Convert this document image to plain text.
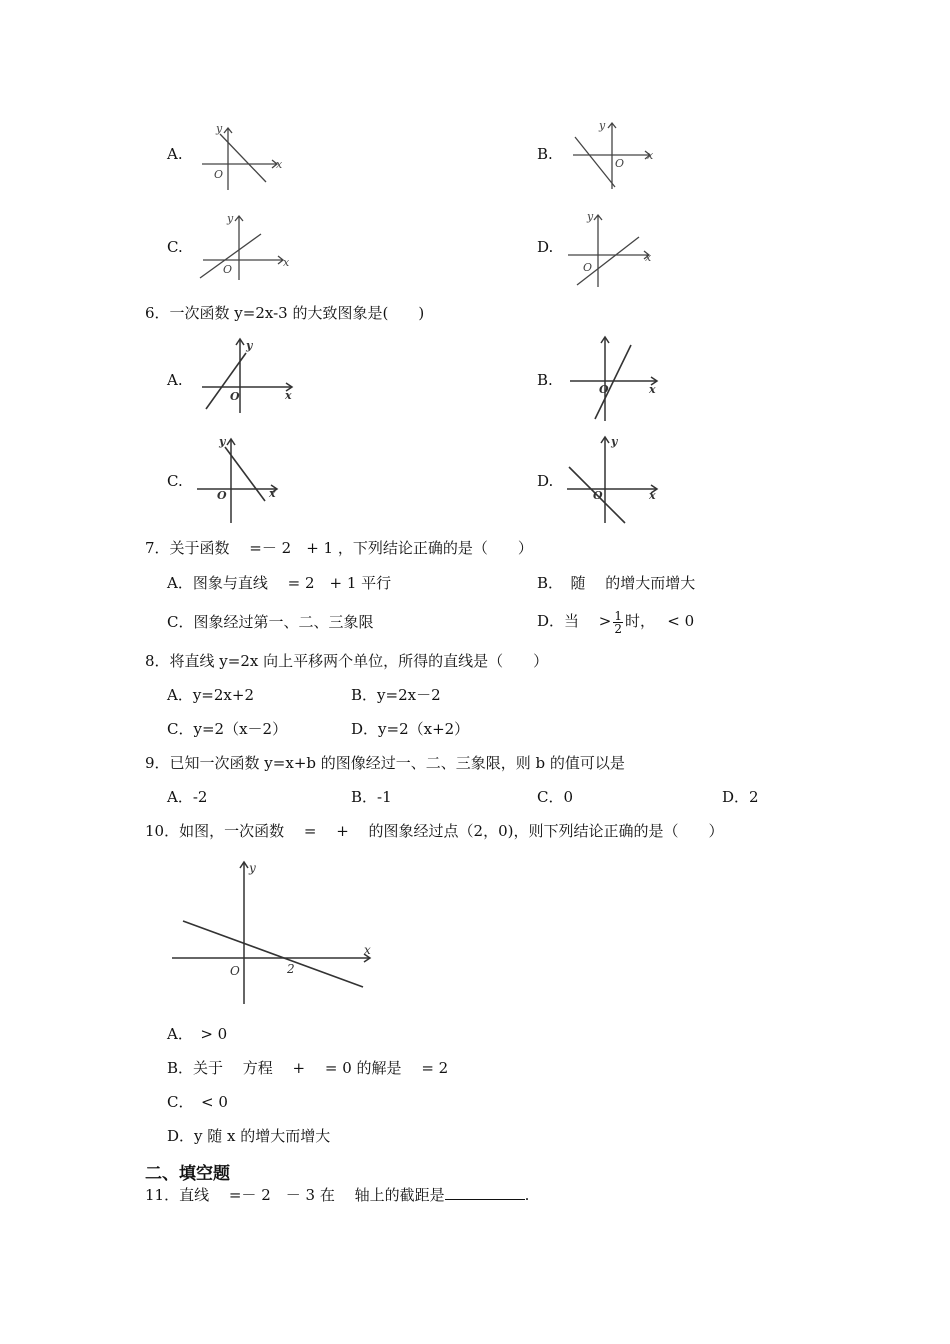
A.
y
x
O
B.
y
x
O
C.
y
x
O
D.
y
x
O
6．一次函数 y=2x-3 的大致图象是(　　)
A.
y
x
O
B.
O	x
C.
y
x
O
D.
y
x
O
7．关于函数　 =－ 2　+ 1 ，下列结论正确的是（　　）
A．图象与直线　 = 2　+ 1 平行	B．　随　 的增大而增大
C．图象经过第一、二、三象限	D．当　 > $\frac{1}{2}$ 时，　 < 0
8．将直线 y=2x 向上平移两个单位，所得的直线是（　　）
A．y=2x+2	B．y=2x－2
C．y=2（x－2）	D．y=2（x+2）
9．已知一次函数 y=x+b 的图像经过一、二、三象限，则 b 的值可以是
A．-2	B．-1	C．0	D．2
10．如图，一次函数　 =　 +　 的图象经过点（2，0)，则下列结论正确的是（　　）
y
x
O	2
A．　> 0
B．关于　 方程　 +　 = 0 的解是　 = 2
C．　< 0
D．y 随 x 的增大而增大
二、填空题
11．直线　 =－ 2　－ 3 在　 轴上的截距是	.
